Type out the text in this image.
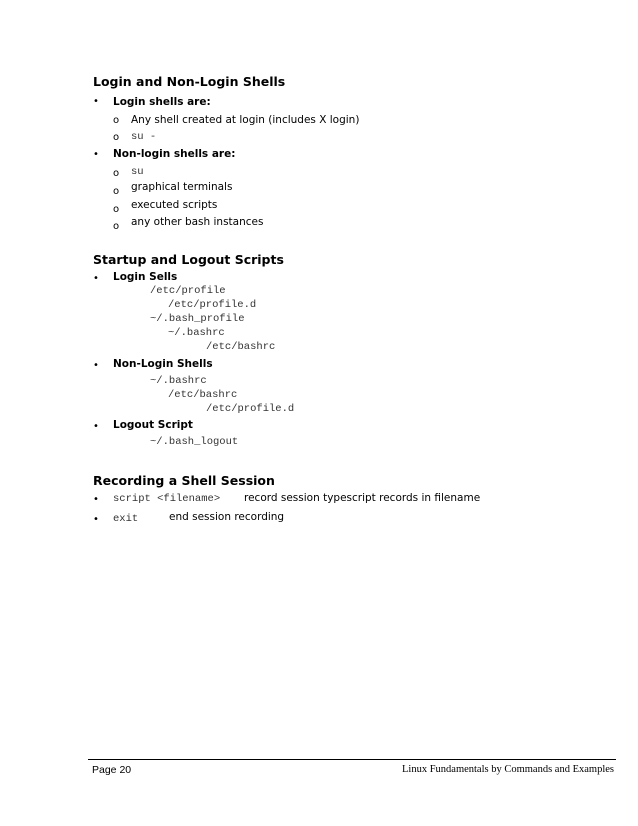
Login and Non-Login Shells
• Login shells are:
o Any shell created at login (includes X login)
o su -
• Non-login shells are:
o su
o graphical terminals
o executed scripts
o any other bash instances
Startup and Logout Scripts
• Login Sells
/etc/profile
/etc/profile.d
~/.bash_profile
~/.bashrc
/etc/bashrc
• Non-Login Shells
~/.bashrc
/etc/bashrc
/etc/profile.d
• Logout Script
~/.bash_logout
Recording a Shell Session
• script <filename> record session typescript records in filename
• exit	end session recording
Page 20	Linux Fundamentals by Commands and Examples
